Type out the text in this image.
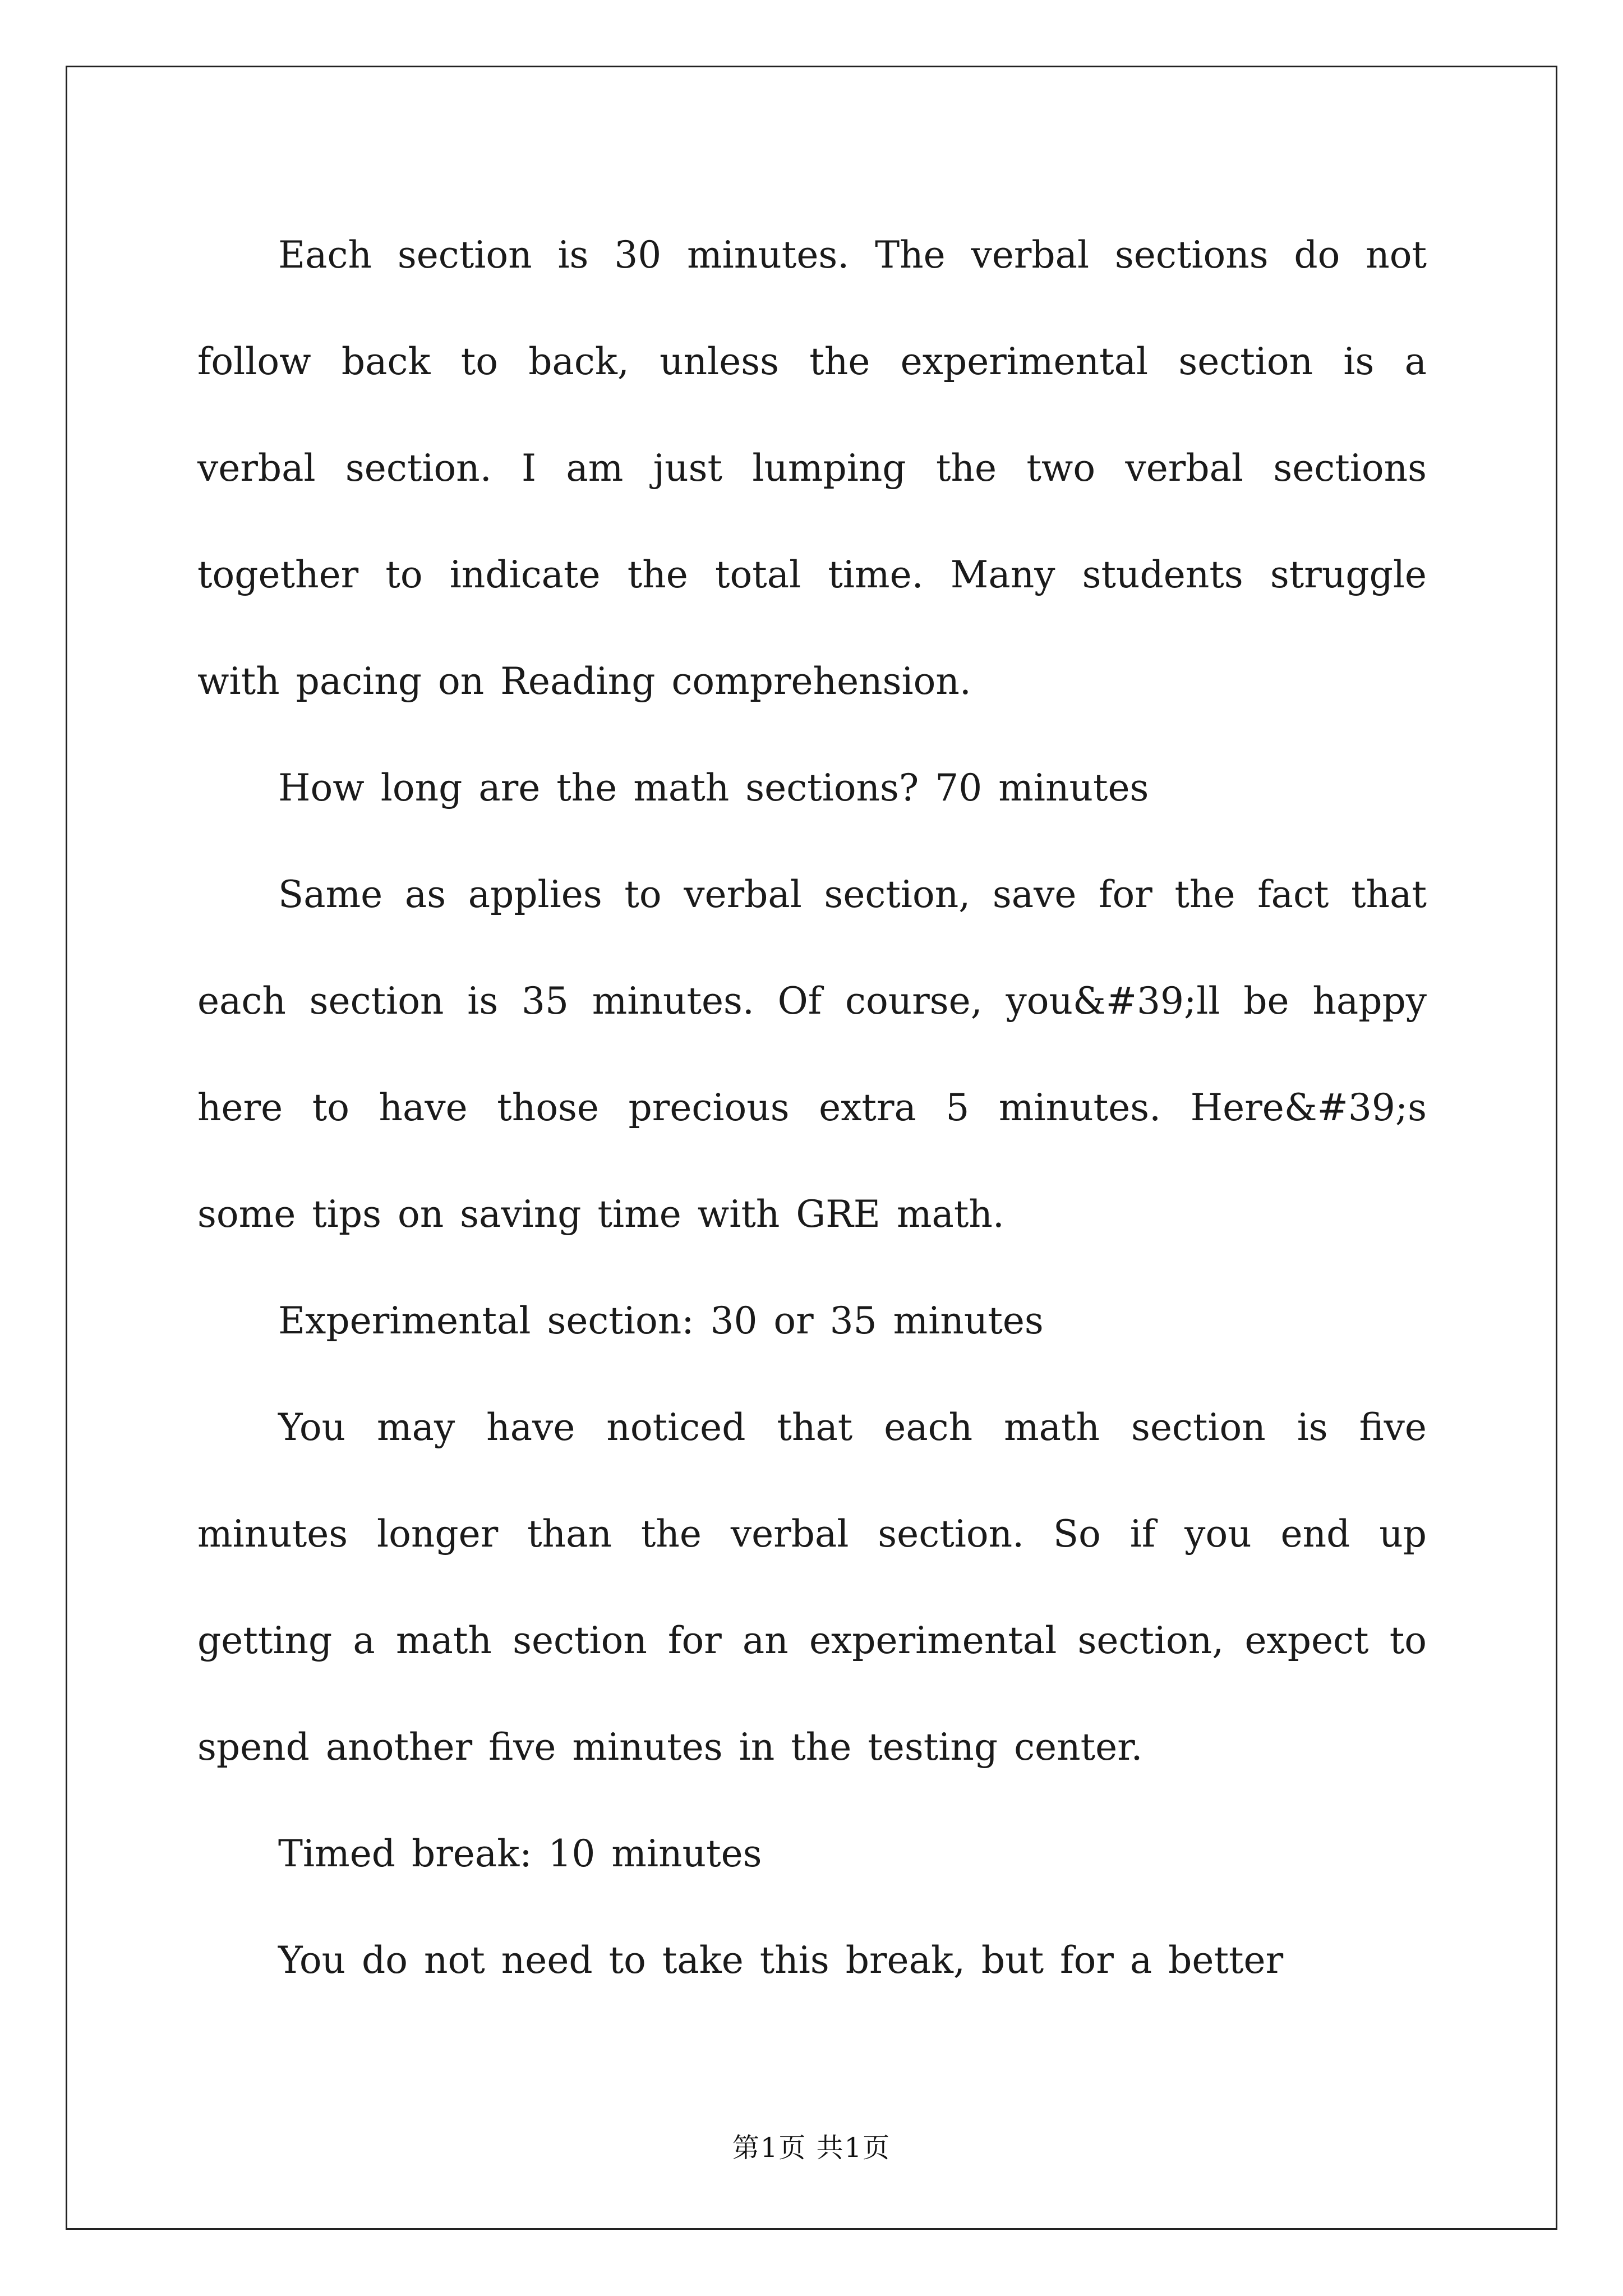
Each section is 30 minutes. The verbal sections do not follow back to back, unless the experimental section is a verbal section. I am just lumping the two verbal sections together to indicate the total time. Many students struggle with pacing on Reading comprehension.

How long are the math sections? 70 minutes

Same as applies to verbal section, save for the fact that each section is 35 minutes. Of course, you&#39;ll be happy here to have those precious extra 5 minutes. Here&#39;s some tips on saving time with GRE math.

Experimental section: 30 or 35 minutes

You may have noticed that each math section is five minutes longer than the verbal section. So if you end up getting a math section for an experimental section, expect to spend another five minutes in the testing center.

Timed break: 10 minutes

You do not need to take this break, but for a better

第1页 共1页
